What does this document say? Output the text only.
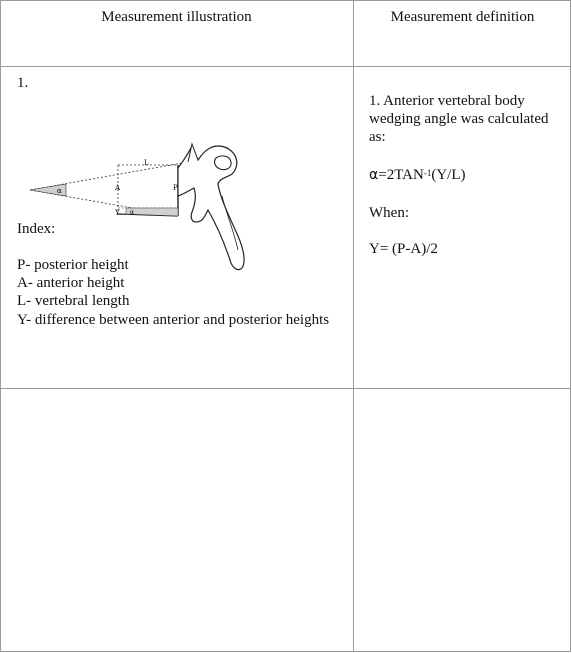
Measurement illustration	Measurement definition
1.
α
α
L
A
Y
P
Index:
P- posterior height
A- anterior height
L- vertebral length
Y- difference between anterior and posterior heights
1. Anterior vertebral body
wedging angle was calculated
as:
$\alpha=2TAN^{-1}(Y/L)$
When:
Y= (P-A)/2
